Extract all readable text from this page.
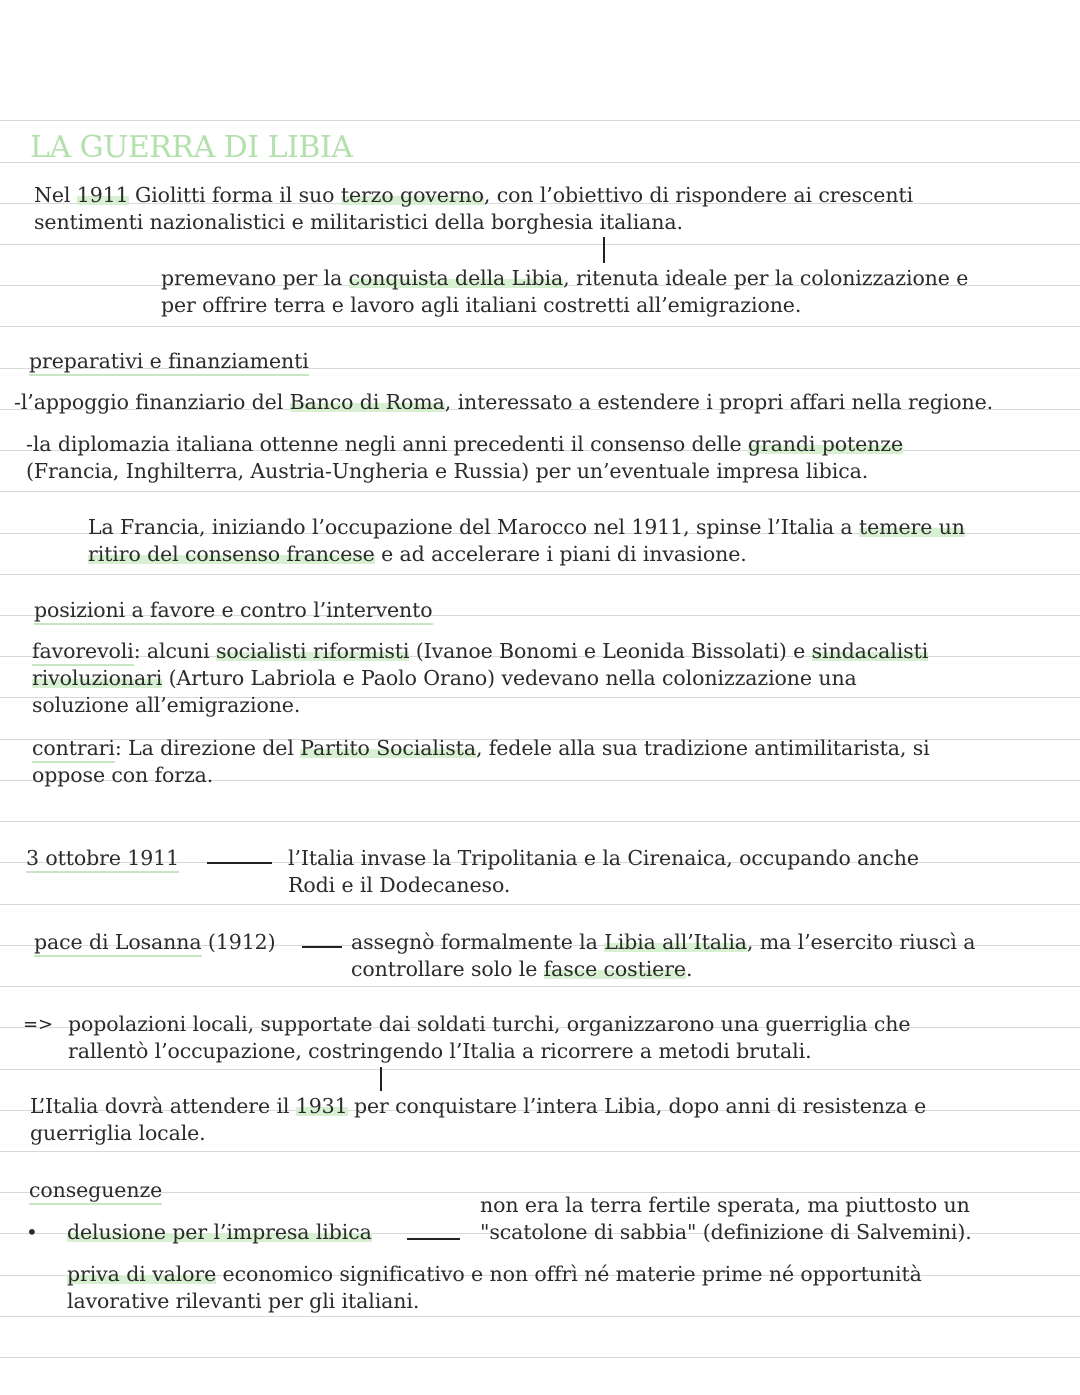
LA GUERRA DI LIBIA
Nel 1911 Giolitti forma il suo terzo governo, con l’obiettivo di rispondere ai crescenti
sentimenti nazionalistici e militaristici della borghesia italiana.
premevano per la conquista della Libia, ritenuta ideale per la colonizzazione e
per offrire terra e lavoro agli italiani costretti all’emigrazione.
preparativi e finanziamenti
-l’appoggio finanziario del Banco di Roma, interessato a estendere i propri affari nella regione.
-la diplomazia italiana ottenne negli anni precedenti il consenso delle grandi potenze
(Francia, Inghilterra, Austria-Ungheria e Russia) per un’eventuale impresa libica.
La Francia, iniziando l’occupazione del Marocco nel 1911, spinse l’Italia a temere un
ritiro del consenso francese e ad accelerare i piani di invasione.
posizioni a favore e contro l’intervento
favorevoli: alcuni socialisti riformisti (Ivanoe Bonomi e Leonida Bissolati) e sindacalisti
rivoluzionari (Arturo Labriola e Paolo Orano) vedevano nella colonizzazione una
soluzione all’emigrazione.
contrari: La direzione del Partito Socialista, fedele alla sua tradizione antimilitarista, si
oppose con forza.
3 ottobre 1911	l’Italia invase la Tripolitania e la Cirenaica, occupando anche
Rodi e il Dodecaneso.
pace di Losanna (1912)	assegnò formalmente la Libia all’Italia, ma l’esercito riuscì a
controllare solo le fasce costiere.
=> popolazioni locali, supportate dai soldati turchi, organizzarono una guerriglia che
rallentò l’occupazione, costringendo l’Italia a ricorrere a metodi brutali.
L’Italia dovrà attendere il 1931 per conquistare l’intera Libia, dopo anni di resistenza e
guerriglia locale.
conseguenze
• delusione per l’impresa libica
non era la terra fertile sperata, ma piuttosto un
"scatolone di sabbia" (definizione di Salvemini).
priva di valore economico significativo e non offrì né materie prime né opportunità
lavorative rilevanti per gli italiani.
